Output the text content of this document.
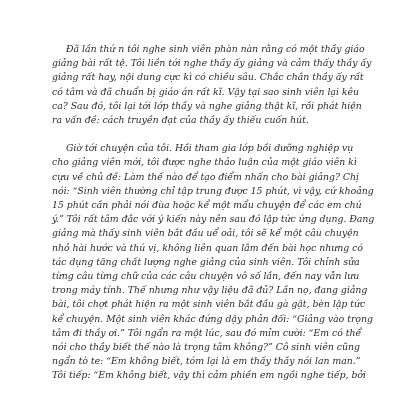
Đã lần thứ n tôi nghe sinh viên phàn nàn rằng có một thầy giáo
giảng bài rất tệ. Tôi liền tới nghe thầy ấy giảng và cảm thấy thầy ấy
giảng rất hay, nội dung cực kì có chiều sâu. Chắc chắn thầy ấy rất
có tâm và đã chuẩn bị giáo án rất kĩ. Vậy tại sao sinh viên lại kêu
ca? Sau đó, tôi lại tới lớp thầy và nghe giảng thật kĩ, rồi phát hiện
ra vấn đề: cách truyền đạt của thầy ấy thiếu cuốn hút.
Giờ tới chuyện của tôi. Hồi tham gia lớp bồi dưỡng nghiệp vụ
cho giảng viên mới, tôi được nghe thảo luận của một giáo viên kì
cựu về chủ đề: Làm thế nào để tạo điểm nhấn cho bài giảng? Chị
nói: “Sinh viên thường chỉ tập trung được 15 phút, vì vậy, cứ khoảng
15 phút cần phải nói đùa hoặc kể một mẩu chuyện để các em chú
ý.” Tôi rất tâm đắc với ý kiến này nên sau đó lập tức ứng dụng. Đang
giảng mà thấy sinh viên bắt đầu uể oải, tôi sẽ kể một câu chuyện
nhỏ hài hước và thú vị, không liên quan lắm đến bài học nhưng có
tác dụng tăng chất lượng nghe giảng của sinh viên. Tôi chỉnh sửa
từng câu từng chữ của các câu chuyện vô số lần, đến nay vẫn lưu
trong máy tính. Thế nhưng như vậy liệu đã đủ? Lần nọ, đang giảng
bài, tôi chợt phát hiện ra một sinh viên bắt đầu gà gật, bèn lập tức
kể chuyện. Một sinh viên khác đứng dậy phản đối: “Giảng vào trọng
tâm đi thầy ơi.” Tôi ngẩn ra một lúc, sau đó mỉm cười: “Em có thể
nói cho thầy biết thế nào là trọng tâm không?” Cô sinh viên cũng
ngẩn tò te: “Em không biết, tóm lại là em thấy thầy nói lan man.”
Tôi tiếp: “Em không biết, vậy thì cảm phiền em ngồi nghe tiếp, bởi
